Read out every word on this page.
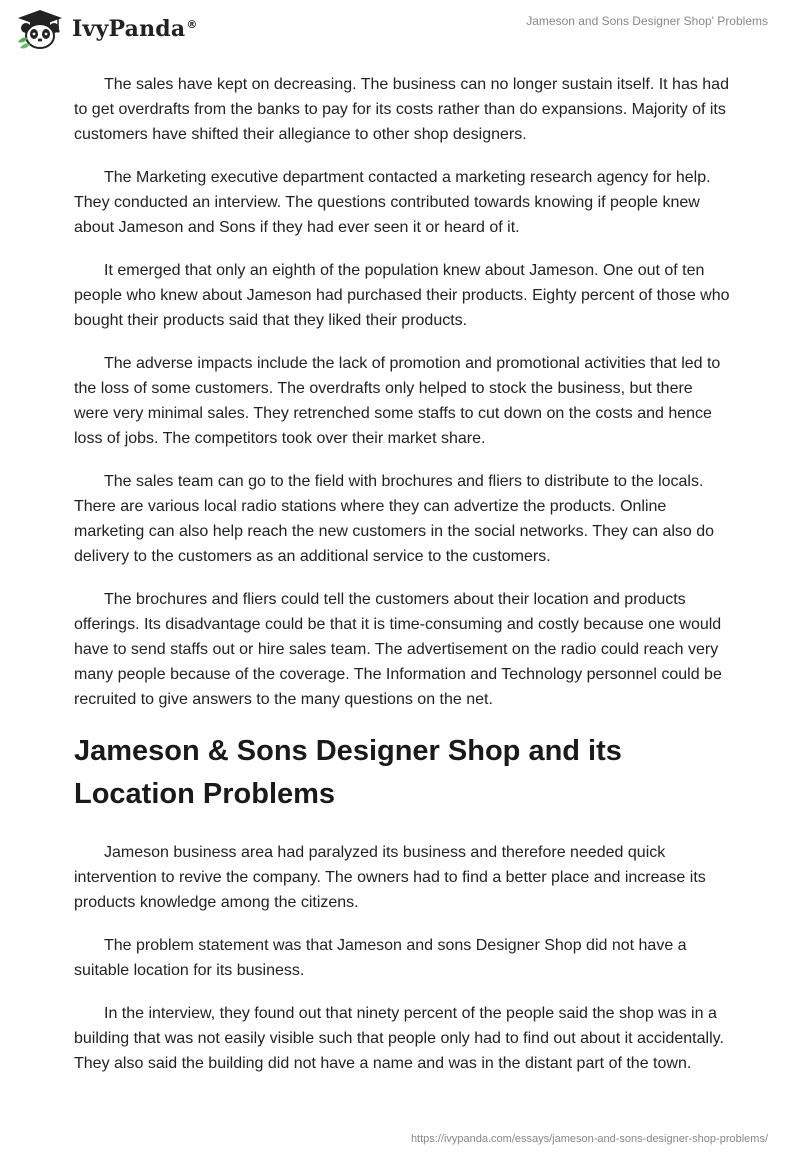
IvyPanda®	Jameson and Sons Designer Shop' Problems

The sales have kept on decreasing. The business can no longer sustain itself. It has had to get overdrafts from the banks to pay for its costs rather than do expansions. Majority of its customers have shifted their allegiance to other shop designers.

The Marketing executive department contacted a marketing research agency for help. They conducted an interview. The questions contributed towards knowing if people knew about Jameson and Sons if they had ever seen it or heard of it.

It emerged that only an eighth of the population knew about Jameson. One out of ten people who knew about Jameson had purchased their products. Eighty percent of those who bought their products said that they liked their products.

The adverse impacts include the lack of promotion and promotional activities that led to the loss of some customers. The overdrafts only helped to stock the business, but there were very minimal sales. They retrenched some staffs to cut down on the costs and hence loss of jobs. The competitors took over their market share.

The sales team can go to the field with brochures and fliers to distribute to the locals. There are various local radio stations where they can advertize the products. Online marketing can also help reach the new customers in the social networks. They can also do delivery to the customers as an additional service to the customers.

The brochures and fliers could tell the customers about their location and products offerings. Its disadvantage could be that it is time-consuming and costly because one would have to send staffs out or hire sales team. The advertisement on the radio could reach very many people because of the coverage. The Information and Technology personnel could be recruited to give answers to the many questions on the net.

Jameson & Sons Designer Shop and its Location Problems

Jameson business area had paralyzed its business and therefore needed quick intervention to revive the company. The owners had to find a better place and increase its products knowledge among the citizens.

The problem statement was that Jameson and sons Designer Shop did not have a suitable location for its business.

In the interview, they found out that ninety percent of the people said the shop was in a building that was not easily visible such that people only had to find out about it accidentally. They also said the building did not have a name and was in the distant part of the town.

https://ivypanda.com/essays/jameson-and-sons-designer-shop-problems/
